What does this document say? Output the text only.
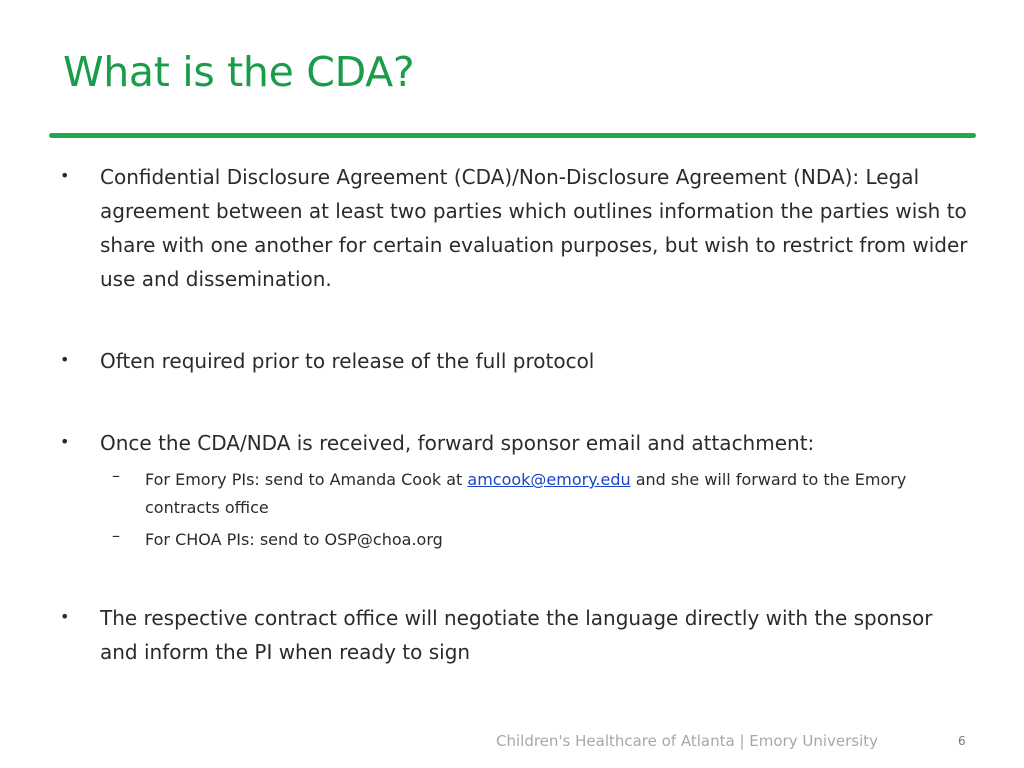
What is the CDA?
• Confidential Disclosure Agreement (CDA)/Non-Disclosure Agreement (NDA): Legal agreement between at least two parties which outlines information the parties wish to share with one another for certain evaluation purposes, but wish to restrict from wider use and dissemination.
• Often required prior to release of the full protocol
• Once the CDA/NDA is received, forward sponsor email and attachment:
– For Emory PIs: send to Amanda Cook at amcook@emory.edu and she will forward to the Emory contracts office
– For CHOA PIs: send to OSP@choa.org
• The respective contract office will negotiate the language directly with the sponsor and inform the PI when ready to sign
Children's Healthcare of Atlanta | Emory University	6
